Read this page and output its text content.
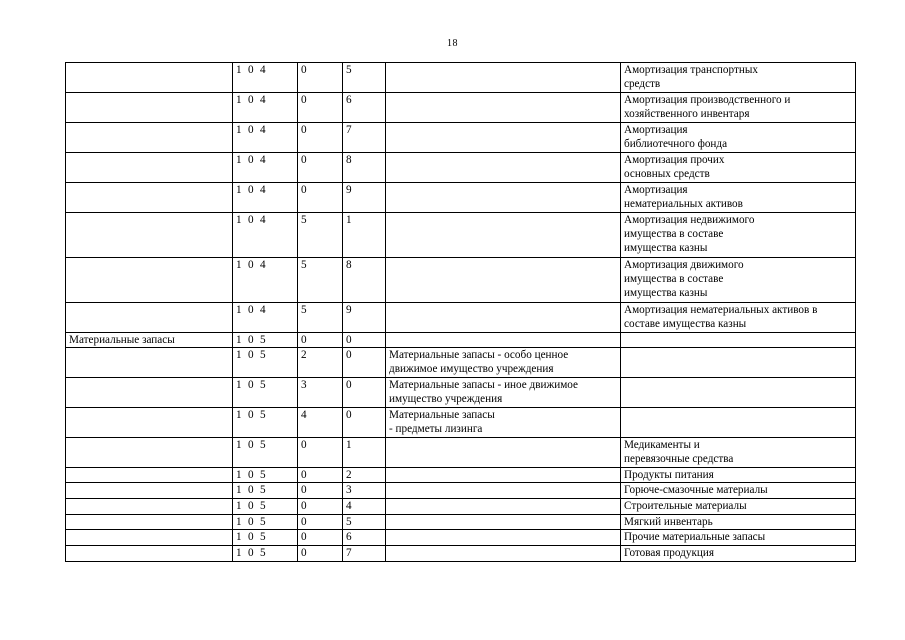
18
	1 0 4	0	5		Амортизация транспортных
средств
	1 0 4	0	6		Амортизация производственного и
хозяйственного инвентаря
	1 0 4	0	7		Амортизация
библиотечного фонда
	1 0 4	0	8		Амортизация прочих
основных средств
	1 0 4	0	9		Амортизация
нематериальных активов
	1 0 4	5	1		Амортизация недвижимого
имущества в составе
имущества казны
	1 0 4	5	8		Амортизация движимого
имущества в составе
имущества казны
	1 0 4	5	9		Амортизация нематериальных активов в
составе имущества казны
Материальные запасы	1 0 5	0	0		
	1 0 5	2	0	Материальные запасы - особо ценное
движимое имущество учреждения	
	1 0 5	3	0	Материальные запасы - иное движимое
имущество учреждения	
	1 0 5	4	0	Материальные запасы
- предметы лизинга	
	1 0 5	0	1		Медикаменты и
перевязочные средства
	1 0 5	0	2		Продукты питания
	1 0 5	0	3		Горюче-смазочные материалы
	1 0 5	0	4		Строительные материалы
	1 0 5	0	5		Мягкий инвентарь
	1 0 5	0	6		Прочие материальные запасы
	1 0 5	0	7		Готовая продукция
